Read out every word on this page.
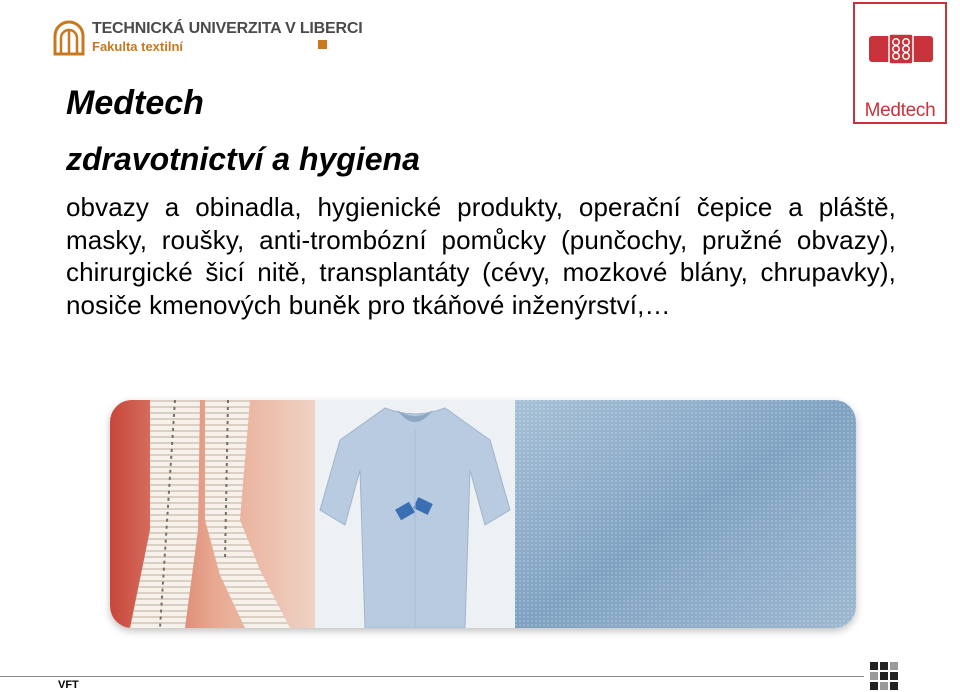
TECHNICKÁ UNIVERZITA V LIBERCI
Fakulta textilní
Medtech
Medtech
zdravotnictví a hygiena

obvazy a obinadla, hygienické produkty, operační čepice a pláště, masky, roušky, anti-trombózní pomůcky (punčochy, pružné obvazy), chirurgické šicí nitě, transplantáty (cévy, mozkové blány, chrupavky), nosiče kmenových buněk pro tkáňové inženýrství,…

VFT
